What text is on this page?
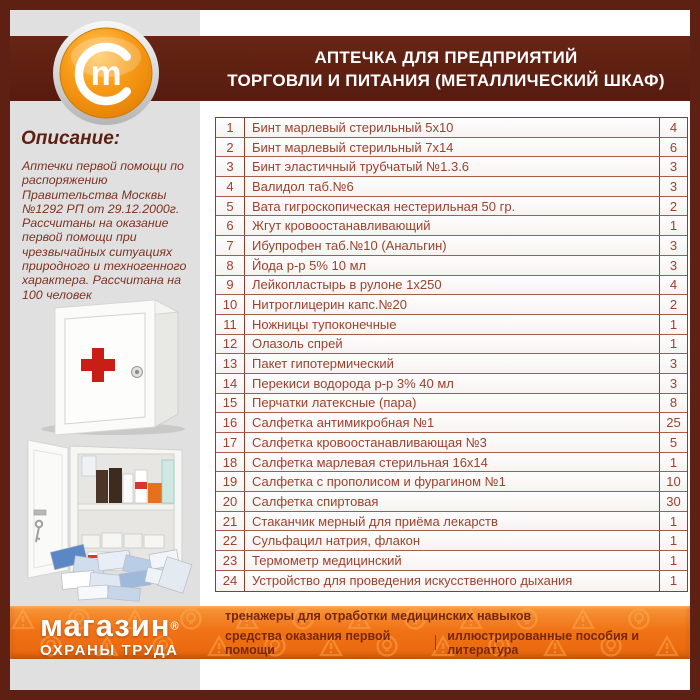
АПТЕЧКА ДЛЯ ПРЕДПРИЯТИЙ
ТОРГОВЛИ И ПИТАНИЯ (МЕТАЛЛИЧЕСКИЙ ШКАФ)
m
Описание:
Аптечки первой помощи по распоряжению Правительства Москвы №1292 РП от 29.12.2000г. Рассчитаны на оказание первой помощи при чрезвычайных ситуациях природного и техногенного характера. Рассчитана на 100 человек
1	Бинт марлевый стерильный 5х10	4
2	Бинт марлевый стерильный 7х14	6
3	Бинт эластичный трубчатый №1.3.6	3
4	Валидол таб.№6	3
5	Вата гигроскопическая нестерильная 50 гр.	2
6	Жгут кровоостанавливающий	1
7	Ибупрофен таб.№10 (Анальгин)	3
8	Йода р-р 5% 10 мл	3
9	Лейкопластырь в рулоне 1х250	4
10	Нитроглицерин капс.№20	2
11	Ножницы тупоконечные	1
12	Олазоль спрей	1
13	Пакет гипотермический	3
14	Перекиси водорода р-р 3% 40 мл	3
15	Перчатки латексные (пара)	8
16	Салфетка антимикробная №1	25
17	Салфетка кровоостанавливающая №3	5
18	Салфетка марлевая стерильная 16х14	1
19	Салфетка с прополисом и фурагином №1	10
20	Салфетка спиртовая	30
21	Стаканчик мерный для приёма лекарств	1
22	Сульфацил натрия, флакон	1
23	Термометр медицинский	1
24	Устройство для проведения искусственного дыхания	1
магазин®
ОХРАНЫ ТРУДА
тренажеры для отработки медицинских навыков
средства оказания первой помощи
иллюстрированные пособия и литература
